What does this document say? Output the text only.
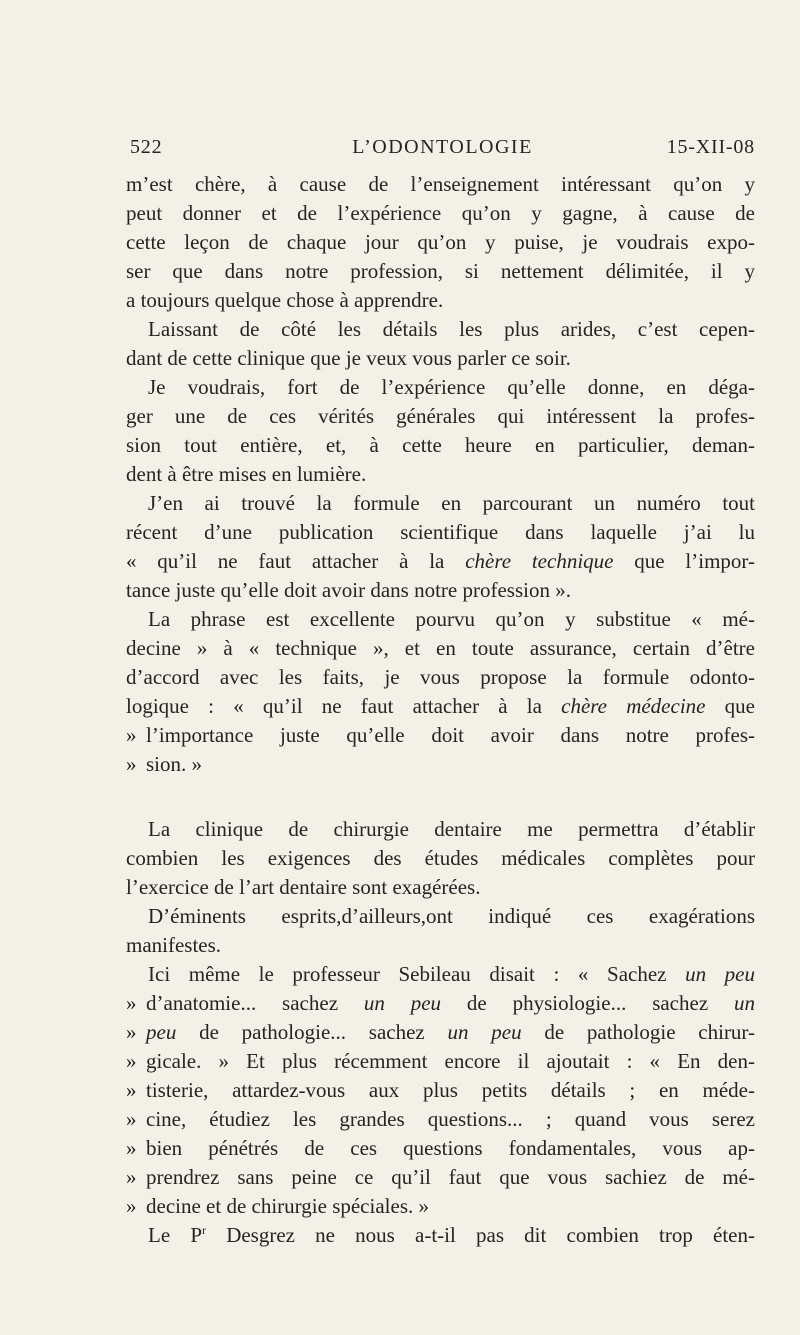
522	L’ODONTOLOGIE	15-XII-08
m’est chère, à cause de l’enseignement intéressant qu’on y
peut donner et de l’expérience qu’on y gagne, à cause de
cette leçon de chaque jour qu’on y puise, je voudrais expo-
ser que dans notre profession, si nettement délimitée, il y
a toujours quelque chose à apprendre.
Laissant de côté les détails les plus arides, c’est cepen-
dant de cette clinique que je veux vous parler ce soir.
Je voudrais, fort de l’expérience qu’elle donne, en déga-
ger une de ces vérités générales qui intéressent la profes-
sion tout entière, et, à cette heure en particulier, deman-
dent à être mises en lumière.
J’en ai trouvé la formule en parcourant un numéro tout
récent d’une publication scientifique dans laquelle j’ai lu
« qu’il ne faut attacher à la chère technique que l’impor-
tance juste qu’elle doit avoir dans notre profession ».
La phrase est excellente pourvu qu’on y substitue « mé-
decine » à « technique », et en toute assurance, certain d’être
d’accord avec les faits, je vous propose la formule odonto-
logique : « qu’il ne faut attacher à la chère médecine que
» l’importance juste qu’elle doit avoir dans notre profes-
» sion. »
La clinique de chirurgie dentaire me permettra d’établir
combien les exigences des études médicales complètes pour
l’exercice de l’art dentaire sont exagérées.
D’éminents esprits,d’ailleurs,ont indiqué ces exagérations
manifestes.
Ici même le professeur Sebileau disait : « Sachez un peu
» d’anatomie... sachez un peu de physiologie... sachez un
» peu de pathologie... sachez un peu de pathologie chirur-
» gicale. » Et plus récemment encore il ajoutait : « En den-
» tisterie, attardez-vous aux plus petits détails ; en méde-
» cine, étudiez les grandes questions... ; quand vous serez
» bien pénétrés de ces questions fondamentales, vous ap-
» prendrez sans peine ce qu’il faut que vous sachiez de mé-
» decine et de chirurgie spéciales. »
Le $P^r$ Desgrez ne nous a-t-il pas dit combien trop éten-
